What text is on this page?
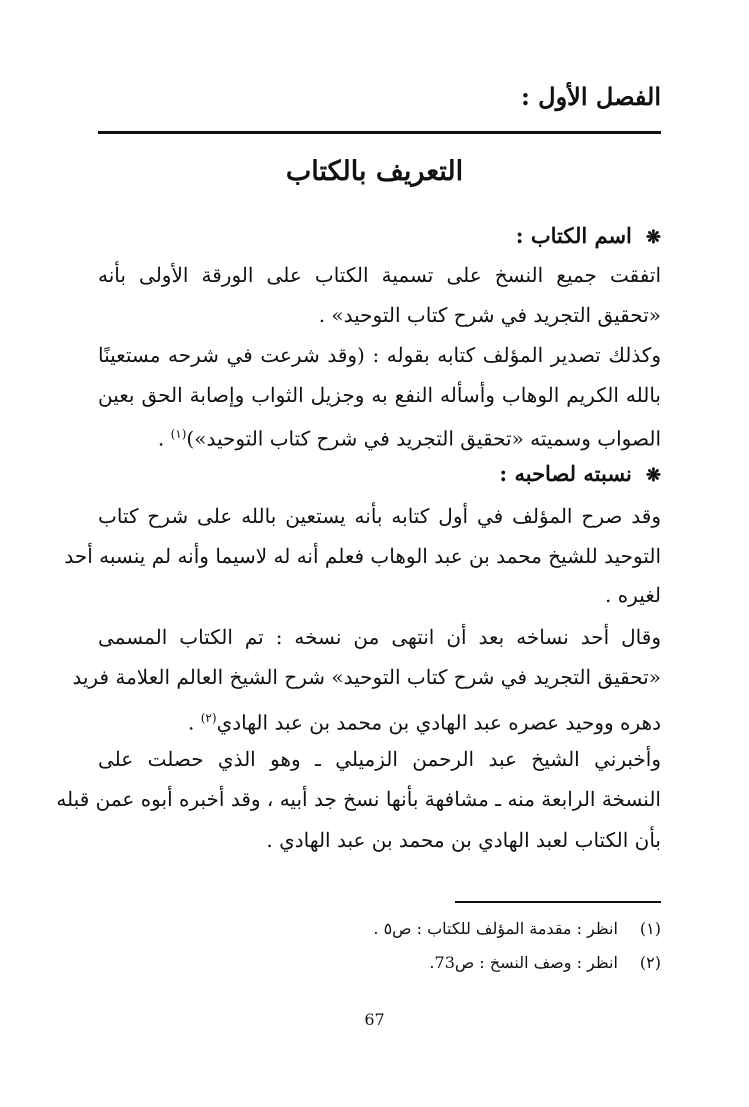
الفصل الأول :
التعريف بالكتاب
❋اسم الكتاب :
اتفقت جميع النسخ على تسمية الكتاب على الورقة الأولى بأنه
«تحقيق التجريد في شرح كتاب التوحيد» .
وكذلك تصدير المؤلف كتابه بقوله : (وقد شرعت في شرحه مستعينًا
بالله الكريم الوهاب وأسأله النفع به وجزيل الثواب وإصابة الحق بعين
الصواب وسميته «تحقيق التجريد في شرح كتاب التوحيد»)$^{(١)}$ .
❋نسبته لصاحبه :
وقد صرح المؤلف في أول كتابه بأنه يستعين بالله على شرح كتاب
التوحيد للشيخ محمد بن عبد الوهاب فعلم أنه له لاسيما وأنه لم ينسبه أحد
لغيره .
وقال أحد نساخه بعد أن انتهى من نسخه : تم الكتاب المسمى
«تحقيق التجريد في شرح كتاب التوحيد» شرح الشيخ العالم العلامة فريد
دهره ووحيد عصره عبد الهادي بن محمد بن عبد الهادي$^{(٢)}$ .
وأخبرني الشيخ عبد الرحمن الزميلي ـ وهو الذي حصلت على
النسخة الرابعة منه ـ مشافهة بأنها نسخ جد أبيه ، وقد أخبره أبوه عمن قبله
بأن الكتاب لعبد الهادي بن محمد بن عبد الهادي .
(١)انظر : مقدمة المؤلف للكتاب : ص٥ .
(٢)انظر : وصف النسخ : ص73.
67
